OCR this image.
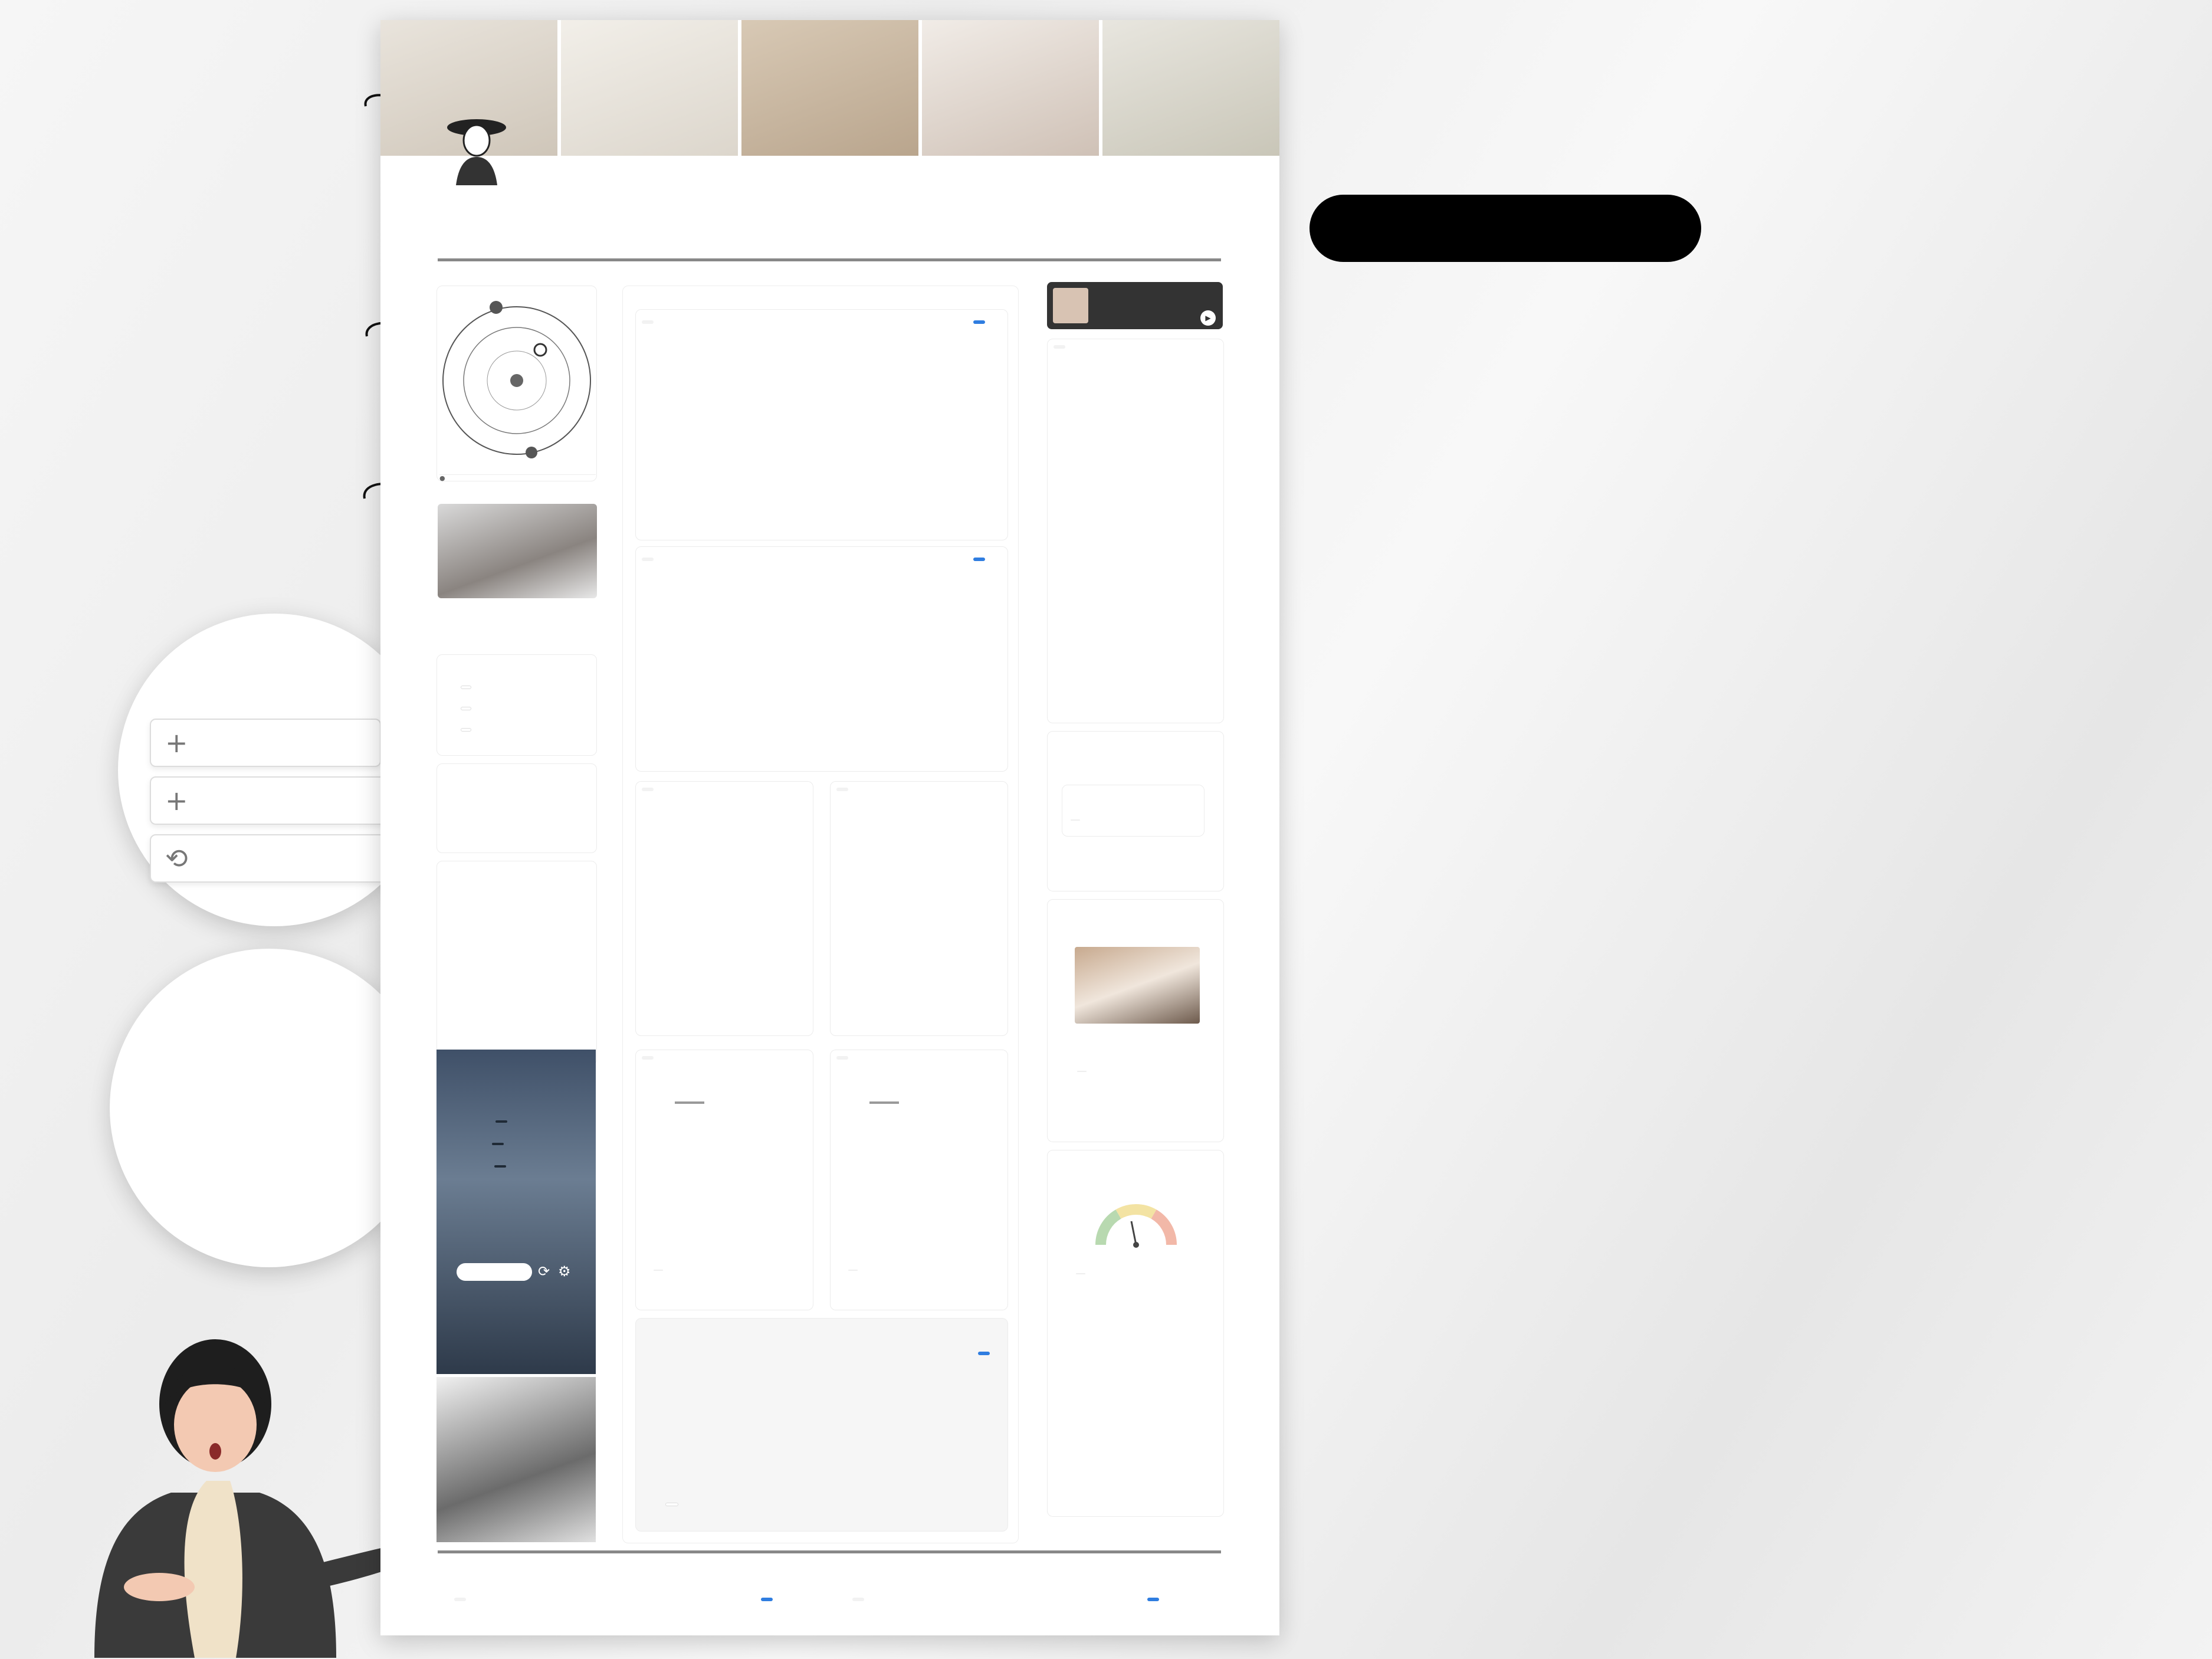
+
+
⟲
●
⟳ ⚙
▶
